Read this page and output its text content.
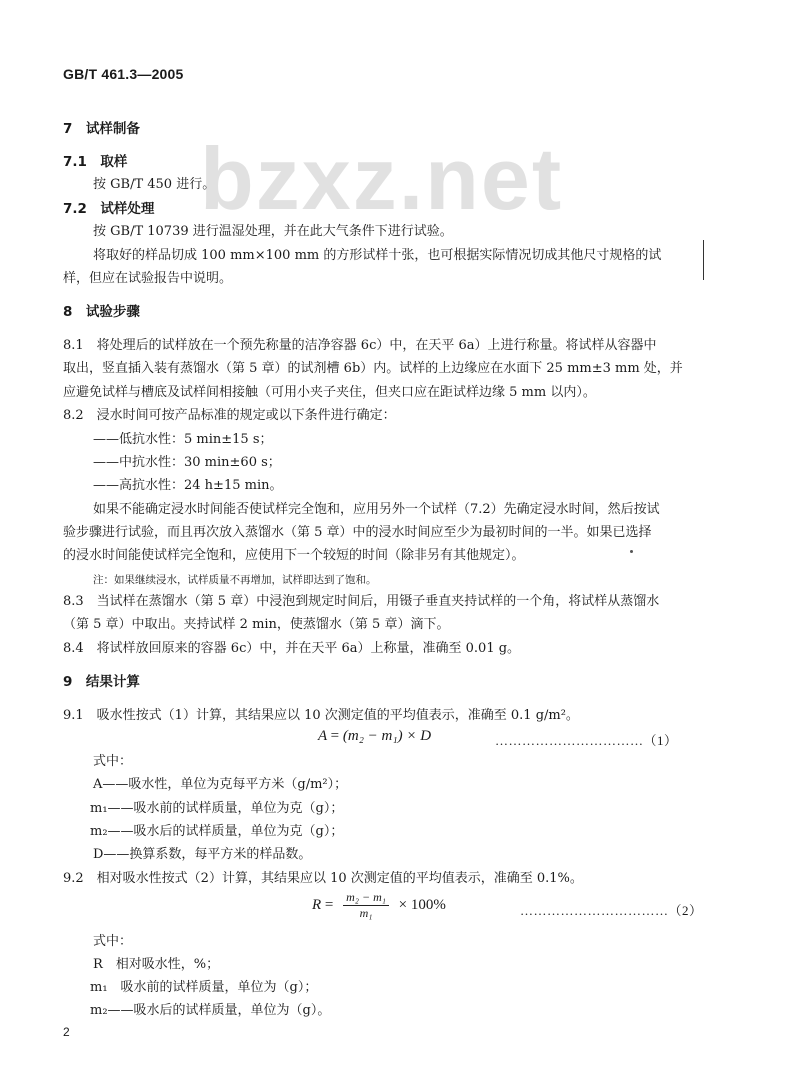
GB/T 461.3—2005
bzxz.net
7　试样制备
7.1　取样
按 GB/T 450 进行。
7.2　试样处理
按 GB/T 10739 进行温湿处理，并在此大气条件下进行试验。
将取好的样品切成 100 mm×100 mm 的方形试样十张，也可根据实际情况切成其他尺寸规格的试
样，但应在试验报告中说明。
8　试验步骤
8.1　将处理后的试样放在一个预先称量的洁净容器 6c）中，在天平 6a）上进行称量。将试样从容器中
取出，竖直插入装有蒸馏水（第 5 章）的试剂槽 6b）内。试样的上边缘应在水面下 25 mm±3 mm 处，并
应避免试样与槽底及试样间相接触（可用小夹子夹住，但夹口应在距试样边缘 5 mm 以内）。
8.2　浸水时间可按产品标准的规定或以下条件进行确定：
——低抗水性：5 min±15 s；
——中抗水性：30 min±60 s；
——高抗水性：24 h±15 min。
如果不能确定浸水时间能否使试样完全饱和，应用另外一个试样（7.2）先确定浸水时间，然后按试
验步骤进行试验，而且再次放入蒸馏水（第 5 章）中的浸水时间应至少为最初时间的一半。如果已选择
的浸水时间能使试样完全饱和，应使用下一个较短的时间（除非另有其他规定）。
注：如果继续浸水，试样质量不再增加，试样即达到了饱和。
8.3　当试样在蒸馏水（第 5 章）中浸泡到规定时间后，用镊子垂直夹持试样的一个角，将试样从蒸馏水
（第 5 章）中取出。夹持试样 2 min，使蒸馏水（第 5 章）滴下。
8.4　将试样放回原来的容器 6c）中，并在天平 6a）上称量，准确至 0.01 g。
9　结果计算
9.1　吸水性按式（1）计算，其结果应以 10 次测定值的平均值表示，准确至 0.1 g/m²。
A = (m₂ − m₁) × D	……………………………（1）
式中：
A——吸水性，单位为克每平方米（g/m²）；
m₁——吸水前的试样质量，单位为克（g）；
m₂——吸水后的试样质量，单位为克（g）；
D——换算系数，每平方米的样品数。
9.2　相对吸水性按式（2）计算，其结果应以 10 次测定值的平均值表示，准确至 0.1%。
$R = \frac{\text{m₂ − m₁}}{\text{m₁}} \times 100\%$	……………………………（2）
式中：
R　相对吸水性，%；
m₁　吸水前的试样质量，单位为（g）；
m₂——吸水后的试样质量，单位为（g）。
2
